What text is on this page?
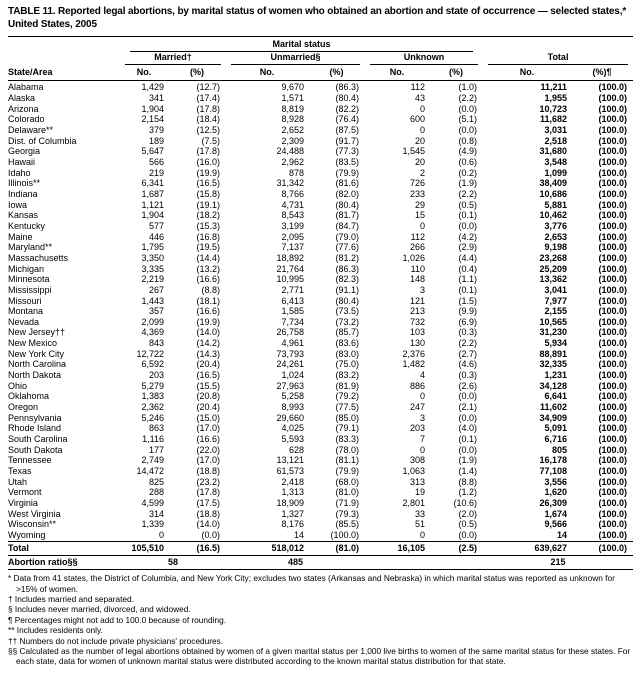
TABLE 11. Reported legal abortions, by marital status of women who obtained an abortion and state of occurrence — selected states,* United States, 2005

	Marital status							

	Married†		Unmarried§		Unknown		Total	

State/Area	No.	(%)	No.	(%)	No.	(%)	No.	(%)¶
Alabama	1,429	(12.7)	9,670	(86.3)	112	(1.0)	11,211	(100.0)
Alaska	341	(17.4)	1,571	(80.4)	43	(2.2)	1,955	(100.0)
Arizona	1,904	(17.8)	8,819	(82.2)	0	(0.0)	10,723	(100.0)
Colorado	2,154	(18.4)	8,928	(76.4)	600	(5.1)	11,682	(100.0)
Delaware**	379	(12.5)	2,652	(87.5)	0	(0.0)	3,031	(100.0)
Dist. of Columbia	189	(7.5)	2,309	(91.7)	20	(0.8)	2,518	(100.0)
Georgia	5,647	(17.8)	24,488	(77.3)	1,545	(4.9)	31,680	(100.0)
Hawaii	566	(16.0)	2,962	(83.5)	20	(0.6)	3,548	(100.0)
Idaho	219	(19.9)	878	(79.9)	2	(0.2)	1,099	(100.0)
Illinois**	6,341	(16.5)	31,342	(81.6)	726	(1.9)	38,409	(100.0)
Indiana	1,687	(15.8)	8,766	(82.0)	233	(2.2)	10,686	(100.0)
Iowa	1,121	(19.1)	4,731	(80.4)	29	(0.5)	5,881	(100.0)
Kansas	1,904	(18.2)	8,543	(81.7)	15	(0.1)	10,462	(100.0)
Kentucky	577	(15.3)	3,199	(84.7)	0	(0.0)	3,776	(100.0)
Maine	446	(16.8)	2,095	(79.0)	112	(4.2)	2,653	(100.0)
Maryland**	1,795	(19.5)	7,137	(77.6)	266	(2.9)	9,198	(100.0)
Massachusetts	3,350	(14.4)	18,892	(81.2)	1,026	(4.4)	23,268	(100.0)
Michigan	3,335	(13.2)	21,764	(86.3)	110	(0.4)	25,209	(100.0)
Minnesota	2,219	(16.6)	10,995	(82.3)	148	(1.1)	13,362	(100.0)
Mississippi	267	(8.8)	2,771	(91.1)	3	(0.1)	3,041	(100.0)
Missouri	1,443	(18.1)	6,413	(80.4)	121	(1.5)	7,977	(100.0)
Montana	357	(16.6)	1,585	(73.5)	213	(9.9)	2,155	(100.0)
Nevada	2,099	(19.9)	7,734	(73.2)	732	(6.9)	10,565	(100.0)
New Jersey††	4,369	(14.0)	26,758	(85.7)	103	(0.3)	31,230	(100.0)
New Mexico	843	(14.2)	4,961	(83.6)	130	(2.2)	5,934	(100.0)
New York City	12,722	(14.3)	73,793	(83.0)	2,376	(2.7)	88,891	(100.0)
North Carolina	6,592	(20.4)	24,261	(75.0)	1,482	(4.6)	32,335	(100.0)
North Dakota	203	(16.5)	1,024	(83.2)	4	(0.3)	1,231	(100.0)
Ohio	5,279	(15.5)	27,963	(81.9)	886	(2.6)	34,128	(100.0)
Oklahoma	1,383	(20.8)	5,258	(79.2)	0	(0.0)	6,641	(100.0)
Oregon	2,362	(20.4)	8,993	(77.5)	247	(2.1)	11,602	(100.0)
Pennsylvania	5,246	(15.0)	29,660	(85.0)	3	(0.0)	34,909	(100.0)
Rhode Island	863	(17.0)	4,025	(79.1)	203	(4.0)	5,091	(100.0)
South Carolina	1,116	(16.6)	5,593	(83.3)	7	(0.1)	6,716	(100.0)
South Dakota	177	(22.0)	628	(78.0)	0	(0.0)	805	(100.0)
Tennessee	2,749	(17.0)	13,121	(81.1)	308	(1.9)	16,178	(100.0)
Texas	14,472	(18.8)	61,573	(79.9)	1,063	(1.4)	77,108	(100.0)
Utah	825	(23.2)	2,418	(68.0)	313	(8.8)	3,556	(100.0)
Vermont	288	(17.8)	1,313	(81.0)	19	(1.2)	1,620	(100.0)
Virginia	4,599	(17.5)	18,909	(71.9)	2,801	(10.6)	26,309	(100.0)
West Virginia	314	(18.8)	1,327	(79.3)	33	(2.0)	1,674	(100.0)
Wisconsin**	1,339	(14.0)	8,176	(85.5)	51	(0.5)	9,566	(100.0)
Wyoming	0	(0.0)	14	(100.0)	0	(0.0)	14	(100.0)
Total	105,510	(16.5)	518,012	(81.0)	16,105	(2.5)	639,627	(100.0)
Abortion ratio§§	58		485				215	
* Data from 41 states, the District of Columbia, and New York City; excludes two states (Arkansas and Nebraska) in which marital status was reported as unknown for >15% of women.
† Includes married and separated.
§ Includes never married, divorced, and widowed.
¶ Percentages might not add to 100.0 because of rounding.
** Includes residents only.
†† Numbers do not include private physicians' procedures.
§§ Calculated as the number of legal abortions obtained by women of a given marital status per 1,000 live births to women of the same marital status for these states. For each state, data for women of unknown marital status were distributed according to the known marital status distribution for that state.
